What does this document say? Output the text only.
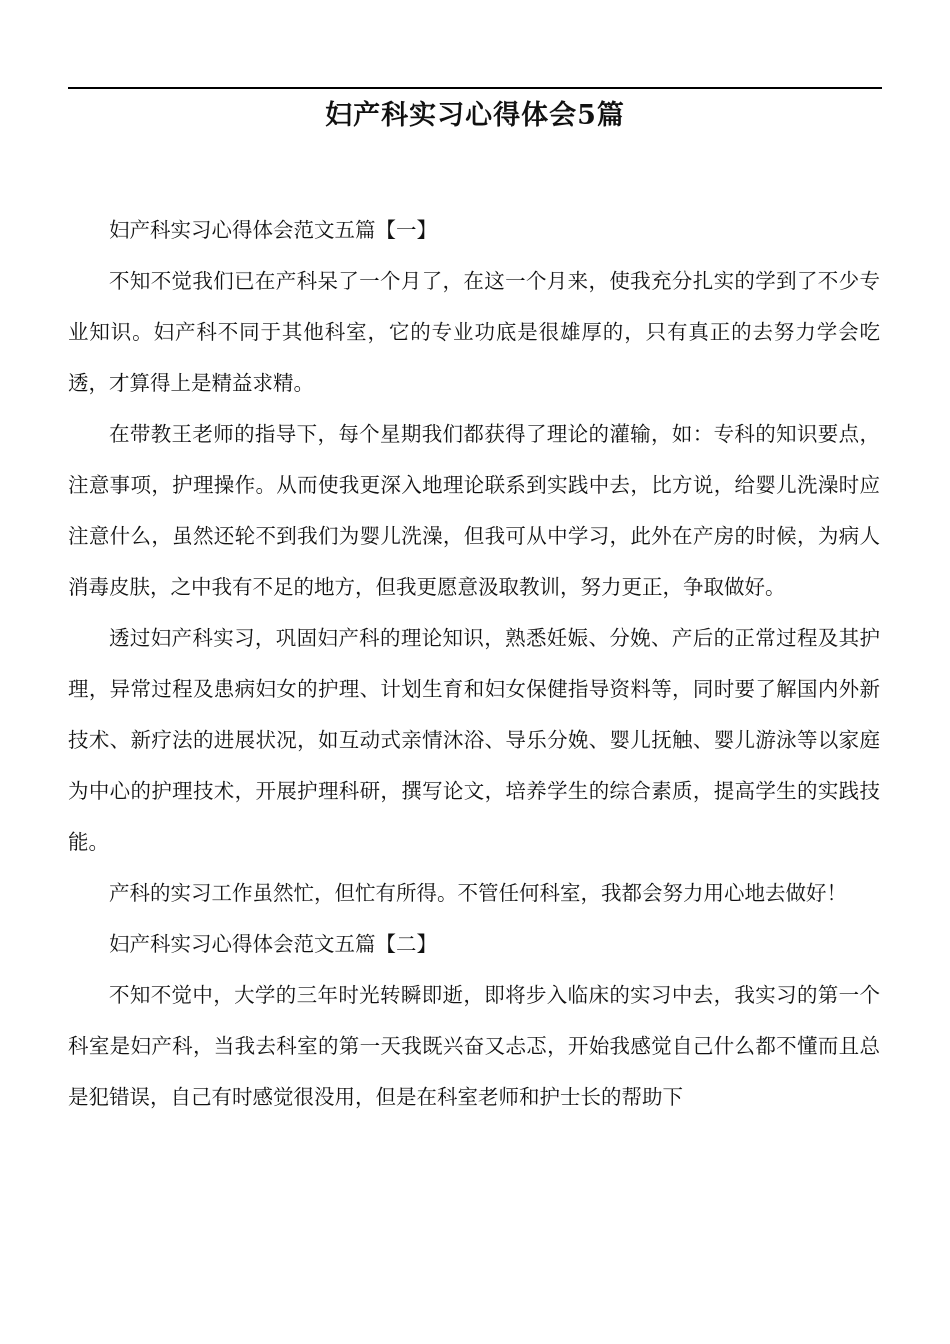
妇产科实习心得体会5篇

妇产科实习心得体会范文五篇【一】

不知不觉我们已在产科呆了一个月了，在这一个月来，使我充分扎实的学到了不少专业知识。妇产科不同于其他科室，它的专业功底是很雄厚的，只有真正的去努力学会吃透，才算得上是精益求精。

在带教王老师的指导下，每个星期我们都获得了理论的灌输，如：专科的知识要点，注意事项，护理操作。从而使我更深入地理论联系到实践中去，比方说，给婴儿洗澡时应注意什么，虽然还轮不到我们为婴儿洗澡，但我可从中学习，此外在产房的时候，为病人消毒皮肤，之中我有不足的地方，但我更愿意汲取教训，努力更正，争取做好。

透过妇产科实习，巩固妇产科的理论知识，熟悉妊娠、分娩、产后的正常过程及其护理，异常过程及患病妇女的护理、计划生育和妇女保健指导资料等，同时要了解国内外新技术、新疗法的进展状况，如互动式亲情沐浴、导乐分娩、婴儿抚触、婴儿游泳等以家庭为中心的护理技术，开展护理科研，撰写论文，培养学生的综合素质，提高学生的实践技能。

产科的实习工作虽然忙，但忙有所得。不管任何科室，我都会努力用心地去做好！

妇产科实习心得体会范文五篇【二】

不知不觉中，大学的三年时光转瞬即逝，即将步入临床的实习中去，我实习的第一个科室是妇产科，当我去科室的第一天我既兴奋又忐忑，开始我感觉自己什么都不懂而且总是犯错误，自己有时感觉很没用，但是在科室老师和护士长的帮助下
